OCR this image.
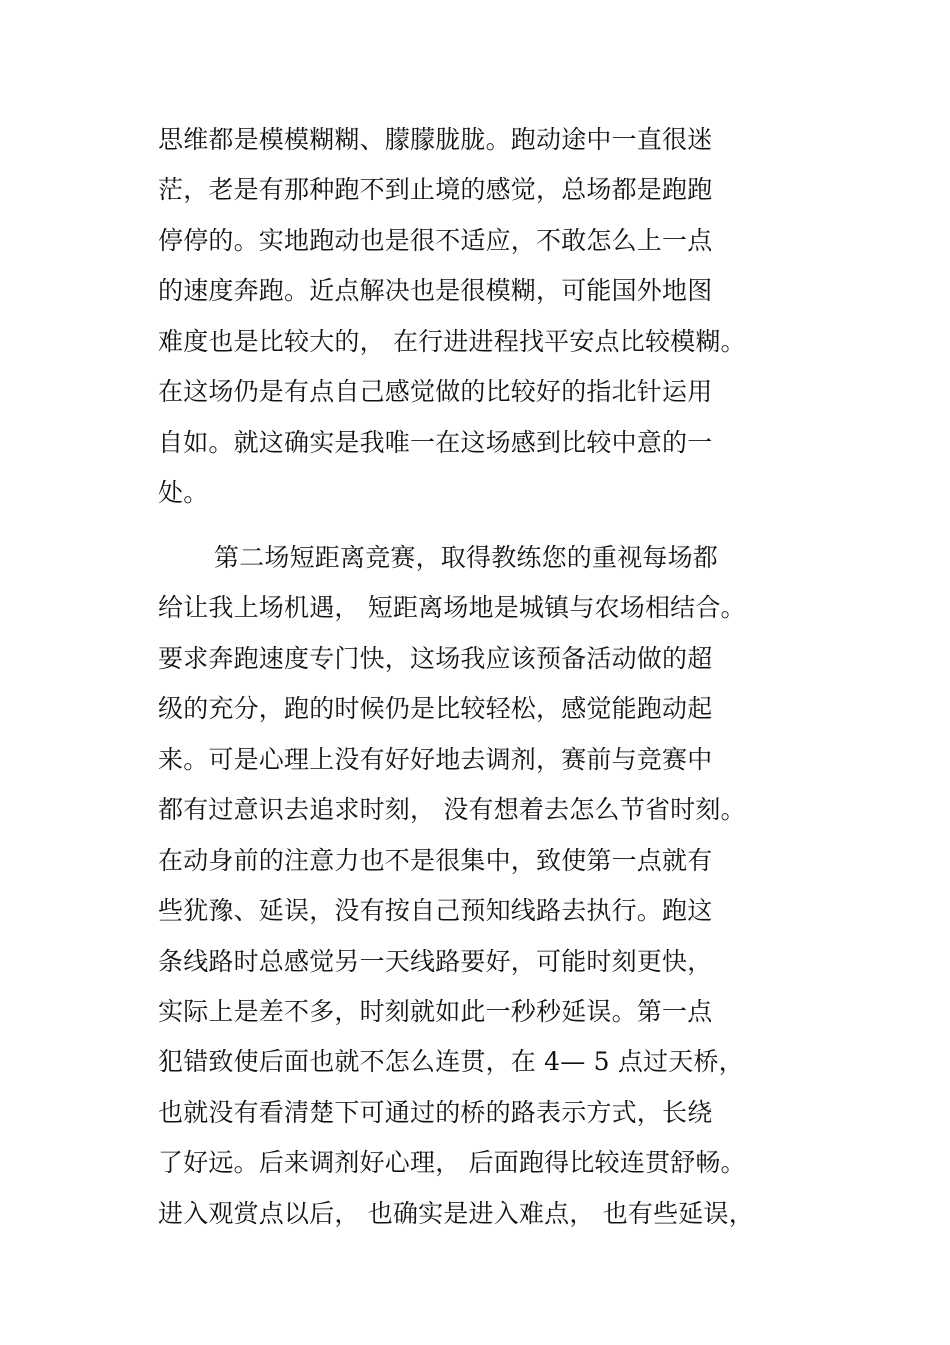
思维都是模模糊糊、朦朦胧胧。跑动途中一直很迷
茫，老是有那种跑不到止境的感觉，总场都是跑跑
停停的。实地跑动也是很不适应，不敢怎么上一点
的速度奔跑。近点解决也是很模糊，可能国外地图
难度也是比较大的， 在行进进程找平安点比较模糊。
在这场仍是有点自己感觉做的比较好的指北针运用
自如。就这确实是我唯一在这场感到比较中意的一
处。
第二场短距离竞赛，取得教练您的重视每场都
给让我上场机遇， 短距离场地是城镇与农场相结合。
要求奔跑速度专门快，这场我应该预备活动做的超
级的充分，跑的时候仍是比较轻松，感觉能跑动起
来。可是心理上没有好好地去调剂，赛前与竞赛中
都有过意识去追求时刻， 没有想着去怎么节省时刻。
在动身前的注意力也不是很集中，致使第一点就有
些犹豫、延误，没有按自己预知线路去执行。跑这
条线路时总感觉另一天线路要好，可能时刻更快，
实际上是差不多，时刻就如此一秒秒延误。第一点
犯错致使后面也就不怎么连贯，在 4— 5 点过天桥，
也就没有看清楚下可通过的桥的路表示方式，长绕
了好远。后来调剂好心理， 后面跑得比较连贯舒畅。
进入观赏点以后， 也确实是进入难点， 也有些延误，
